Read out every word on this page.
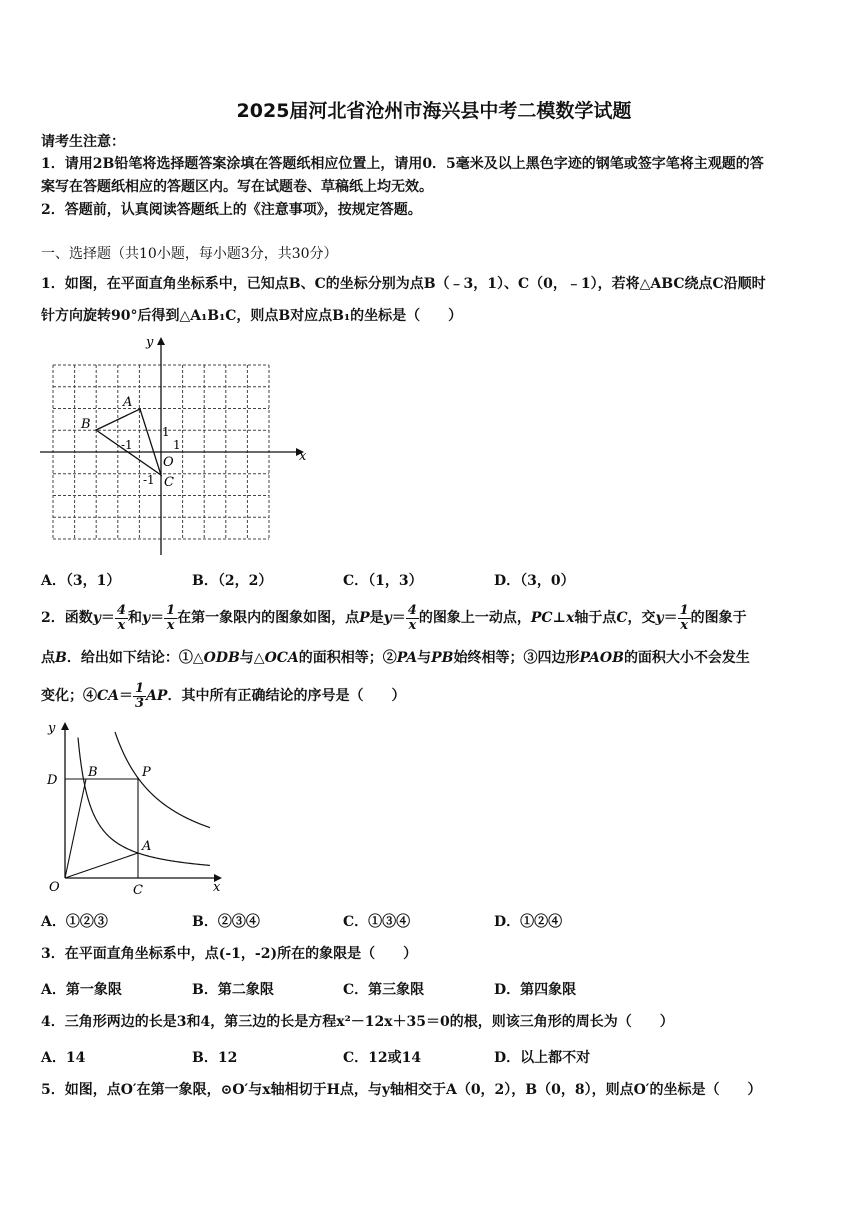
2025届河北省沧州市海兴县中考二模数学试题
请考生注意：
1．请用2B铅笔将选择题答案涂填在答题纸相应位置上，请用0．5毫米及以上黑色字迹的钢笔或签字笔将主观题的答
案写在答题纸相应的答题区内。写在试题卷、草稿纸上均无效。
2．答题前，认真阅读答题纸上的《注意事项》，按规定答题。
一、选择题（共10小题，每小题3分，共30分）
1．如图，在平面直角坐标系中，已知点B、C的坐标分别为点B（﹣3，1）、C（0，﹣1），若将△ABC绕点C沿顺时
针方向旋转90°后得到△A₁B₁C，则点B对应点B₁的坐标是（　　）
y
x
A
B
O
C
-1
1
1
-1
A．（3，1）	B．（2，2）	C．（1，3）	D．（3，0）
2．函数$y= \frac{4}{x}$ 和$y= \frac{1}{x}$ 在第一象限内的图象如图，点P是$y= \frac{4}{x}$ 的图象上一动点，PC⊥x轴于点C，交$y= \frac{1}{x}$ 的图象于
点B．给出如下结论：①△ODB与△OCA的面积相等；②PA与PB始终相等；③四边形PAOB的面积大小不会发生
变化；④CA＝ $\frac{1}{3}$ AP．其中所有正确结论的序号是（　　）
y
x
D
B	P
A
O	C
A．①②③	B．②③④	C．①③④	D．①②④
3．在平面直角坐标系中，点(-1，-2)所在的象限是（　　）
A．第一象限	B．第二象限	C．第三象限	D．第四象限
4．三角形两边的长是3和4，第三边的长是方程x²－12x＋35＝0的根，则该三角形的周长为（　　）
A．14	B．12	C．12或14	D．以上都不对
5．如图，点O′在第一象限，⊙O′与x轴相切于H点，与y轴相交于A（0，2），B（0，8），则点O′的坐标是（　　）
